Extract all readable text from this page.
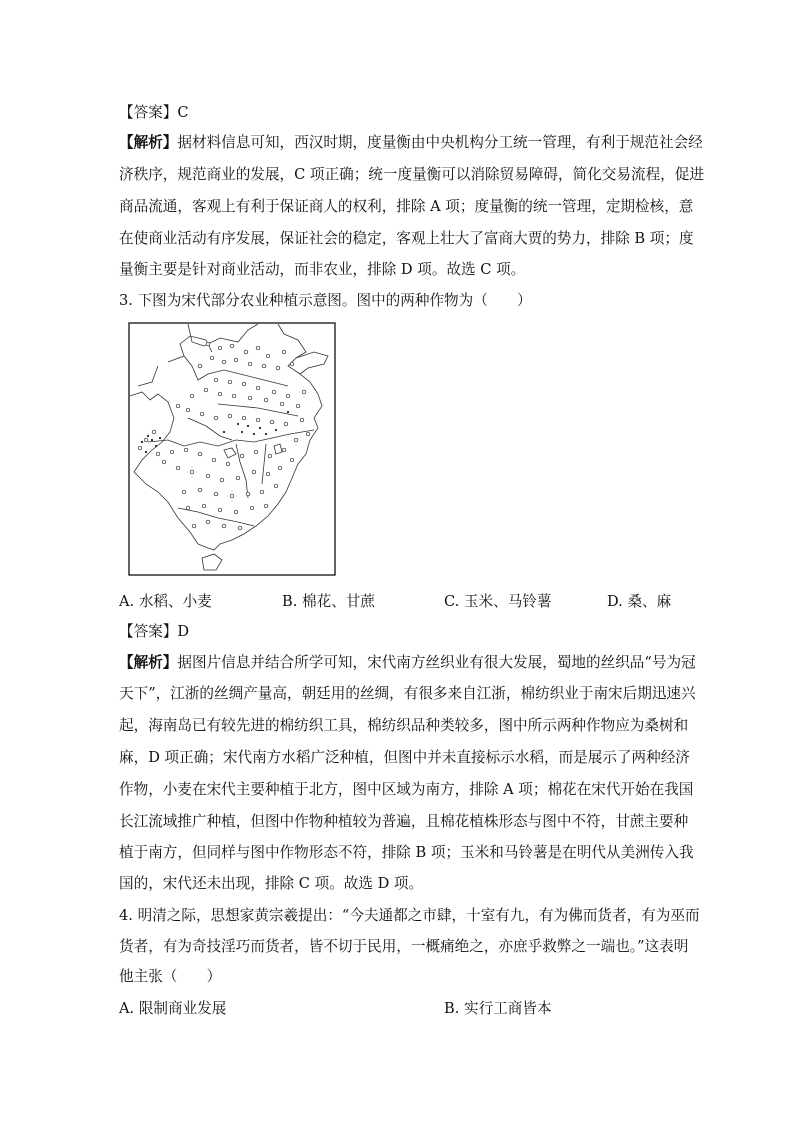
【答案】C
【解析】据材料信息可知，西汉时期，度量衡由中央机构分工统一管理，有利于规范社会经
济秩序，规范商业的发展，C 项正确；统一度量衡可以消除贸易障碍，简化交易流程，促进
商品流通，客观上有利于保证商人的权利，排除 A 项；度量衡的统一管理，定期检核，意
在使商业活动有序发展，保证社会的稳定，客观上壮大了富商大贾的势力，排除 B 项；度
量衡主要是针对商业活动，而非农业，排除 D 项。故选 C 项。
3. 下图为宋代部分农业种植示意图。图中的两种作物为（　　）
A. 水稻、小麦	B. 棉花、甘蔗	C. 玉米、马铃薯	D. 桑、麻
【答案】D
【解析】据图片信息并结合所学可知，宋代南方丝织业有很大发展，蜀地的丝织品“号为冠
天下”，江浙的丝绸产量高，朝廷用的丝绸，有很多来自江浙，棉纺织业于南宋后期迅速兴
起，海南岛已有较先进的棉纺织工具，棉纺织品种类较多，图中所示两种作物应为桑树和
麻，D 项正确；宋代南方水稻广泛种植，但图中并未直接标示水稻，而是展示了两种经济
作物，小麦在宋代主要种植于北方，图中区域为南方，排除 A 项；棉花在宋代开始在我国
长江流域推广种植，但图中作物种植较为普遍，且棉花植株形态与图中不符，甘蔗主要种
植于南方，但同样与图中作物形态不符，排除 B 项；玉米和马铃薯是在明代从美洲传入我
国的，宋代还未出现，排除 C 项。故选 D 项。
4. 明清之际，思想家黄宗羲提出：“今夫通都之市肆，十室有九，有为佛而货者，有为巫而
货者，有为奇技淫巧而货者，皆不切于民用，一概痛绝之，亦庶乎救弊之一端也。”这表明
他主张（　　）
A. 限制商业发展	B. 实行工商皆本
